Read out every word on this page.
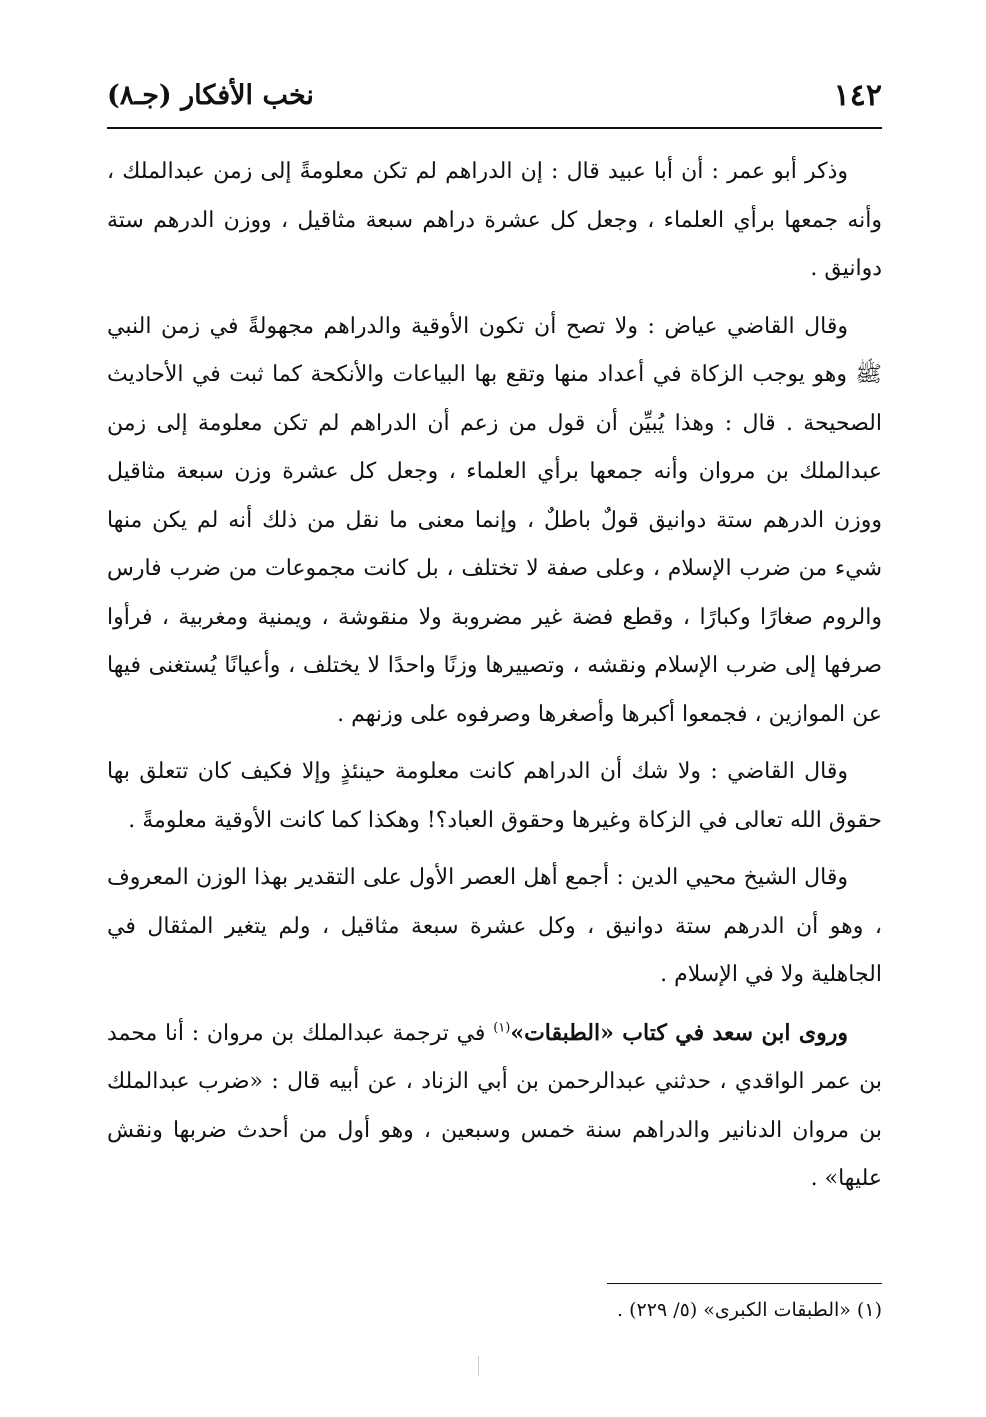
١٤٢
نخب الأفكار (جـ٨)

وذكر أبو عمر : أن أبا عبيد قال : إن الدراهم لم تكن معلومةً إلى زمن عبدالملك ، وأنه جمعها برأي العلماء ، وجعل كل عشرة دراهم سبعة مثاقيل ، ووزن الدرهم ستة دوانيق .

وقال القاضي عياض : ولا تصح أن تكون الأوقية والدراهم مجهولةً في زمن النبي ﷺ وهو يوجب الزكاة في أعداد منها وتقع بها البياعات والأنكحة كما ثبت في الأحاديث الصحيحة . قال : وهذا يُبيِّن أن قول من زعم أن الدراهم لم تكن معلومة إلى زمن عبدالملك بن مروان وأنه جمعها برأي العلماء ، وجعل كل عشرة وزن سبعة مثاقيل ووزن الدرهم ستة دوانيق قولٌ باطلٌ ، وإنما معنى ما نقل من ذلك أنه لم يكن منها شيء من ضرب الإسلام ، وعلى صفة لا تختلف ، بل كانت مجموعات من ضرب فارس والروم صغارًا وكبارًا ، وقطع فضة غير مضروبة ولا منقوشة ، ويمنية ومغربية ، فرأوا صرفها إلى ضرب الإسلام ونقشه ، وتصييرها وزنًا واحدًا لا يختلف ، وأعيانًا يُستغنى فيها عن الموازين ، فجمعوا أكبرها وأصغرها وصرفوه على وزنهم .

وقال القاضي : ولا شك أن الدراهم كانت معلومة حينئذٍ وإلا فكيف كان تتعلق بها حقوق الله تعالى في الزكاة وغيرها وحقوق العباد؟! وهكذا كما كانت الأوقية معلومةً .

وقال الشيخ محيي الدين : أجمع أهل العصر الأول على التقدير بهذا الوزن المعروف ، وهو أن الدرهم ستة دوانيق ، وكل عشرة سبعة مثاقيل ، ولم يتغير المثقال في الجاهلية ولا في الإسلام .

وروى ابن سعد في كتاب «الطبقات»$^{(١)}$ في ترجمة عبدالملك بن مروان : أنا محمد بن عمر الواقدي ، حدثني عبدالرحمن بن أبي الزناد ، عن أبيه قال : «ضرب عبدالملك بن مروان الدنانير والدراهم سنة خمس وسبعين ، وهو أول من أحدث ضربها ونقش عليها» .

(١) «الطبقات الكبرى» (٥/ ٢٢٩) .
